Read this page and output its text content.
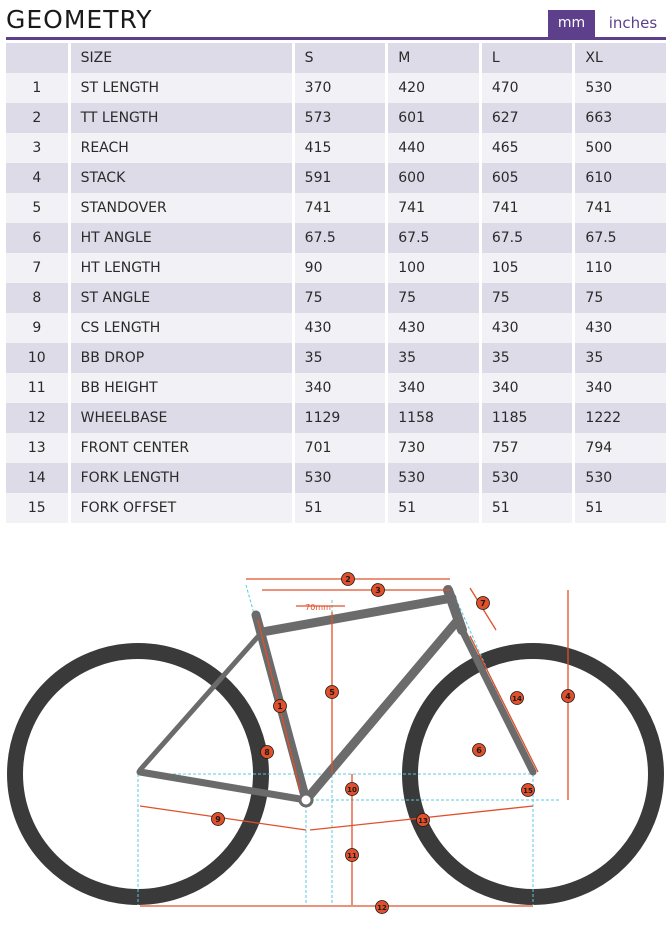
GEOMETRY	mm	inches
	SIZE	S	M	L	XL
1	ST LENGTH	370	420	470	530
2	TT LENGTH	573	601	627	663
3	REACH	415	440	465	500
4	STACK	591	600	605	610
5	STANDOVER	741	741	741	741
6	HT ANGLE	67.5	67.5	67.5	67.5
7	HT LENGTH	90	100	105	110
8	ST ANGLE	75	75	75	75
9	CS LENGTH	430	430	430	430
10	BB DROP	35	35	35	35
11	BB HEIGHT	340	340	340	340
12	WHEELBASE	1129	1158	1185	1222
13	FRONT CENTER	701	730	757	794
14	FORK LENGTH	530	530	530	530
15	FORK OFFSET	51	51	51	51
70mm
1
2
3
4
5
6
7
8
9
10
11
12
13
14
15
